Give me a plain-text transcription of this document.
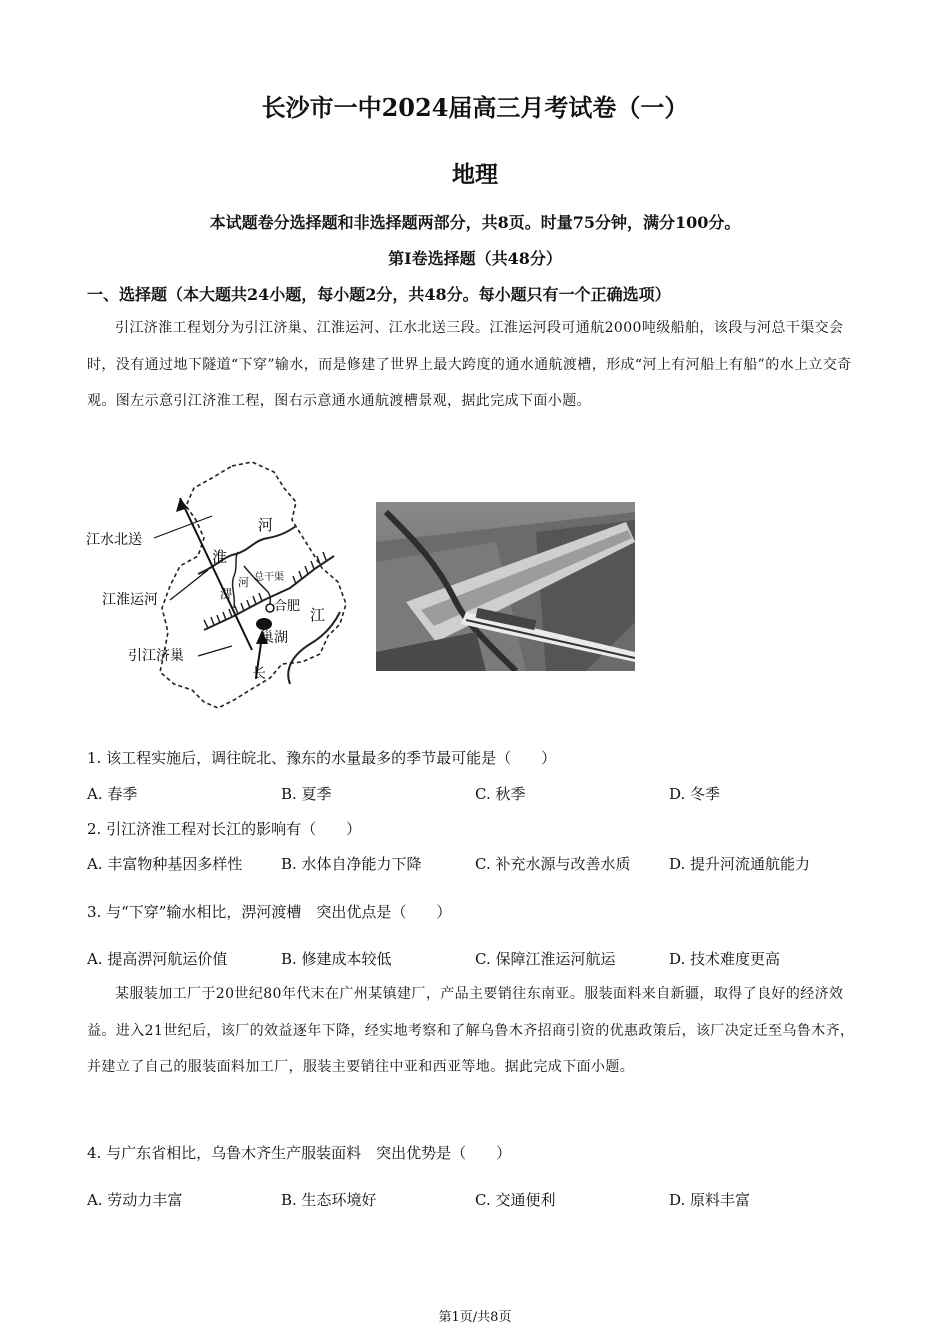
长沙市一中2024届高三月考试卷（一）
地理
本试题卷分选择题和非选择题两部分，共8页。时量75分钟，满分100分。
第Ⅰ卷选择题（共48分）
一、选择题（本大题共24小题，每小题2分，共48分。每小题只有一个正确选项）
引江济淮工程划分为引江济巢、江淮运河、江水北送三段。江淮运河段可通航2000吨级船舶，该段与河总干渠交会时，没有通过地下隧道“下穿”输水，而是修建了世界上最大跨度的通水通航渡槽，形成“河上有河船上有船”的水上立交奇观。图左示意引江济淮工程，图右示意通水通航渡槽景观，据此完成下面小题。
江水北送
江淮运河
引江济巢
淮
河
淠
河 总干渠
合肥
巢湖
江
长
1. 该工程实施后，调往皖北、豫东的水量最多的季节最可能是（　　）
A. 春季	B. 夏季	C. 秋季	D. 冬季
2. 引江济淮工程对长江的影响有（　　）
A. 丰富物种基因多样性	B. 水体自净能力下降	C. 补充水源与改善水质	D. 提升河流通航能力
3. 与“下穿”输水相比，淠河渡槽　突出优点是（　　）
A. 提高淠河航运价值	B. 修建成本较低	C. 保障江淮运河航运	D. 技术难度更高
某服装加工厂于20世纪80年代末在广州某镇建厂，产品主要销往东南亚。服装面料来自新疆，取得了良好的经济效益。进入21世纪后，该厂的效益逐年下降，经实地考察和了解乌鲁木齐招商引资的优惠政策后，该厂决定迁至乌鲁木齐，并建立了自己的服装面料加工厂，服装主要销往中亚和西亚等地。据此完成下面小题。
4. 与广东省相比，乌鲁木齐生产服装面料　突出优势是（　　）
A. 劳动力丰富	B. 生态环境好	C. 交通便利	D. 原料丰富
第1页/共8页
